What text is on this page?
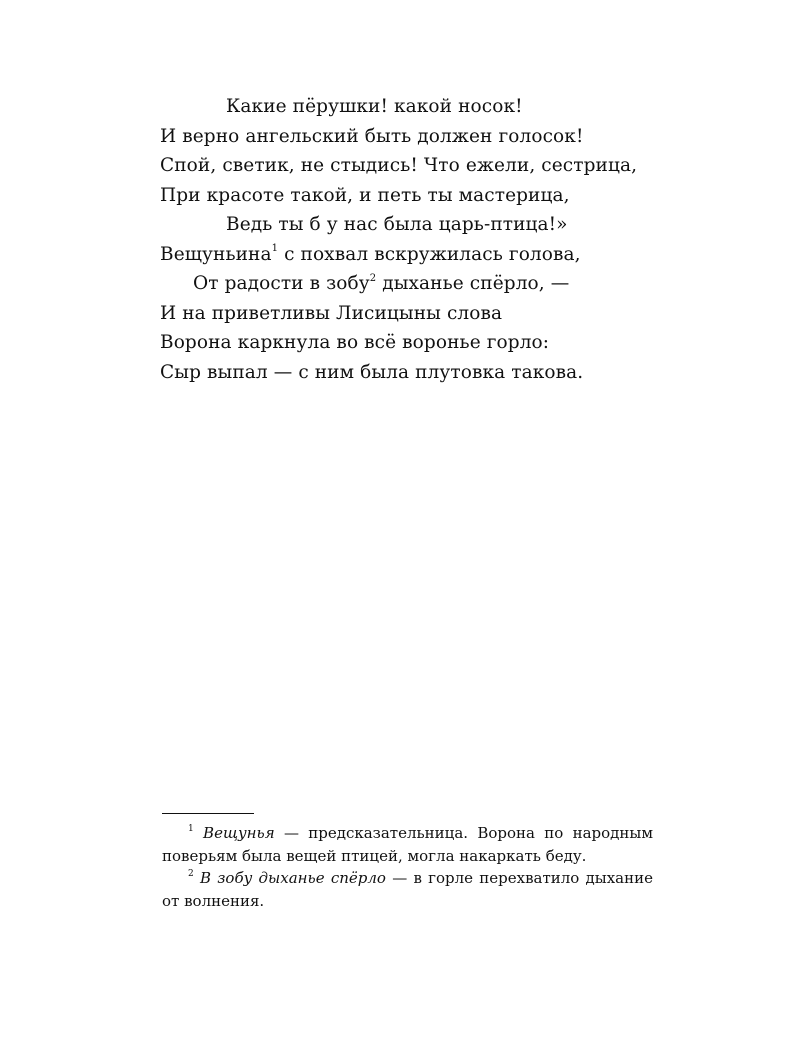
Какие пёрушки! какой носок!
И верно ангельский быть должен голосок!
Спой, светик, не стыдись! Что ежели, сестрица,
При красоте такой, и петь ты мастерица,
Ведь ты б у нас была царь-птица!»
Вещуньина$^1$ с похвал вскружилась голова,
От радости в зобу$^2$ дыханье спёрло, —
И на приветливы Лисицыны слова
Ворона каркнула во всё воронье горло:
Сыр выпал — с ним была плутовка такова.

$^1$ Вещунья — предсказательница. Ворона по народным поверьям была вещей птицей, могла накаркать беду.

$^2$ В зобу дыханье спёрло — в горле перехватило дыхание от волнения.
